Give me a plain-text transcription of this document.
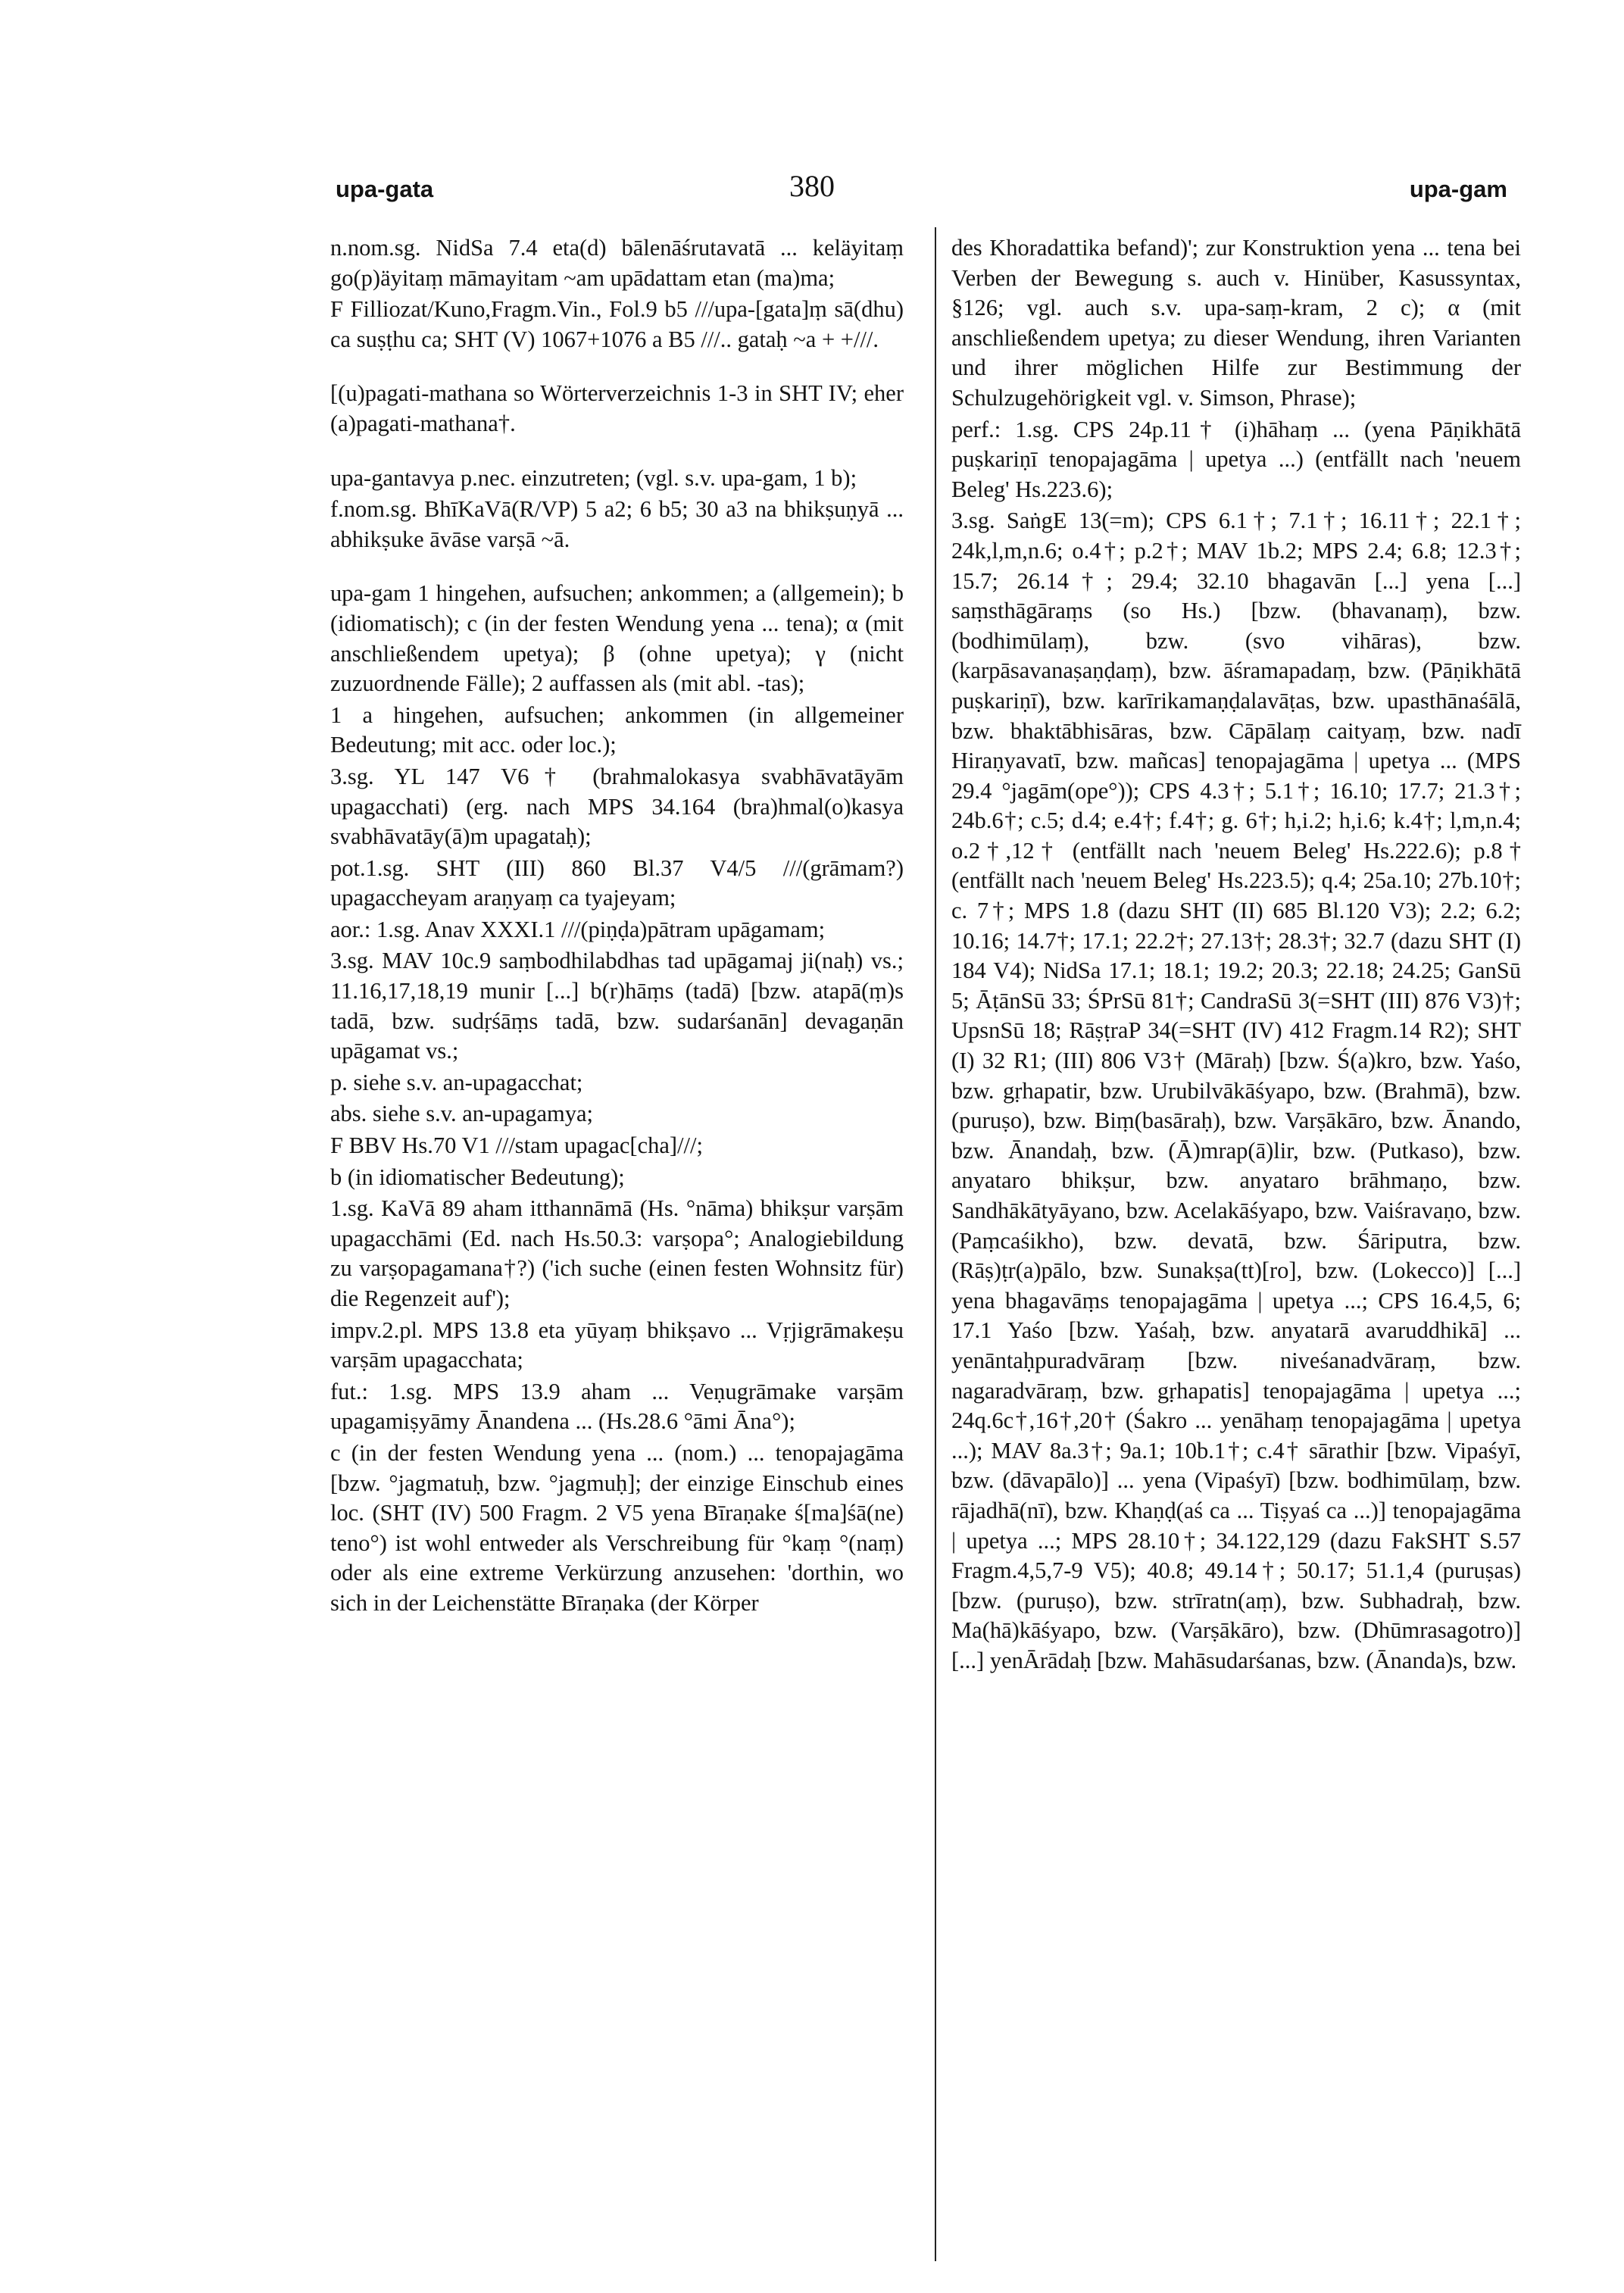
upa-gata	380	upa-gam

n.nom.sg. NidSa 7.4 eta(d) bālenāśrutavatā ... keläyitaṃ go(p)äyitaṃ māmayitam ~am upādattam etan (ma)ma;

F Filliozat/Kuno,Fragm.Vin., Fol.9 b5 ///upa-[gata]ṃ sā(dhu) ca suṣṭhu ca; SHT (V) 1067+1076 a B5 ///.. gataḥ ~a + +///.

[(u)pagati-mathana so Wörterverzeichnis 1-3 in SHT IV; eher (a)pagati-mathana†.

upa-gantavya p.nec. einzutreten; (vgl. s.v. upa-gam, 1 b);

f.nom.sg. BhīKaVā(R/VP) 5 a2; 6 b5; 30 a3 na bhikṣuṇyā ... abhikṣuke āvāse varṣā ~ā.

upa-gam 1 hingehen, aufsuchen; ankommen; a (allgemein); b (idiomatisch); c (in der festen Wendung yena ... tena); α (mit anschließendem upetya); β (ohne upetya); γ (nicht zuzuordnende Fälle); 2 auffassen als (mit abl. -tas);

1 a hingehen, aufsuchen; ankommen (in allgemeiner Bedeutung; mit acc. oder loc.);

3.sg. YL 147 V6† (brahmalokasya svabhāvatāyām upagacchati) (erg. nach MPS 34.164 (bra)hmal(o)kasya svabhāvatāy(ā)m upagataḥ);

pot.1.sg. SHT (III) 860 Bl.37 V4/5 ///(grāmam?) upagaccheyam araṇyaṃ ca tyajeyam;

aor.: 1.sg. Anav XXXI.1 ///(piṇḍa)pātram upāgamam;

3.sg. MAV 10c.9 saṃbodhilabdhas tad upāgamaj ji(naḥ) vs.; 11.16,17,18,19 munir [...] b(r)hāṃs (tadā) [bzw. atapā(ṃ)s tadā, bzw. sudṛśāṃs tadā, bzw. sudarśanān] devagaṇān upāgamat vs.;

p. siehe s.v. an-upagacchat;

abs. siehe s.v. an-upagamya;

F BBV Hs.70 V1 ///stam upagac[cha]///;

b (in idiomatischer Bedeutung);

1.sg. KaVā 89 aham itthannāmā (Hs. °nāma) bhikṣur varṣām upagacchāmi (Ed. nach Hs.50.3: varṣopa°; Analogiebildung zu varṣopagamana†?) ('ich suche (einen festen Wohnsitz für) die Regenzeit auf');

impv.2.pl. MPS 13.8 eta yūyaṃ bhikṣavo ... Vṛjigrāmakeṣu varṣām upagacchata;

fut.: 1.sg. MPS 13.9 aham ... Veṇugrāmake varṣām upagamiṣyāmy Ānandena ... (Hs.28.6 °āmi Āna°);

c (in der festen Wendung yena ... (nom.) ... tenopajagāma [bzw. °jagmatuḥ, bzw. °jagmuḥ]; der einzige Einschub eines loc. (SHT (IV) 500 Fragm. 2 V5 yena Bīraṇake ś[ma]śā(ne) teno°) ist wohl entweder als Verschreibung für °kaṃ °(naṃ) oder als eine extreme Verkürzung anzusehen: 'dorthin, wo sich in der Leichenstätte Bīraṇaka (der Körper

des Khoradattika befand)'; zur Konstruktion yena ... tena bei Verben der Bewegung s. auch v. Hinüber, Kasussyntax, §126; vgl. auch s.v. upa-saṃ-kram, 2 c); α (mit anschließendem upetya; zu dieser Wendung, ihren Varianten und ihrer möglichen Hilfe zur Bestimmung der Schulzugehörigkeit vgl. v. Simson, Phrase);

perf.: 1.sg. CPS 24p.11† (i)hāhaṃ ... (yena Pāṇikhātā puṣkariṇī tenopajagāma | upetya ...) (entfällt nach 'neuem Beleg' Hs.223.6);

3.sg. SaṅgE 13(=m); CPS 6.1†; 7.1†; 16.11†; 22.1†; 24k,l,m,n.6; o.4†; p.2†; MAV 1b.2; MPS 2.4; 6.8; 12.3†; 15.7; 26.14†; 29.4; 32.10 bhagavān [...] yena [...] saṃsthāgāraṃs (so Hs.) [bzw. (bhavanaṃ), bzw. (bodhimūlaṃ), bzw. (svo vihāras), bzw. (karpāsavanaṣaṇḍaṃ), bzw. āśramapadaṃ, bzw. (Pāṇikhātā puṣkariṇī), bzw. karīrikamaṇḍalavāṭas, bzw. upasthānaśālā, bzw. bhaktābhisāras, bzw. Cāpālaṃ caityaṃ, bzw. nadī Hiraṇyavatī, bzw. mañcas] tenopajagāma | upetya ... (MPS 29.4 °jagām(ope°)); CPS 4.3†; 5.1†; 16.10; 17.7; 21.3†; 24b.6†; c.5; d.4; e.4†; f.4†; g. 6†; h,i.2; h,i.6; k.4†; l,m,n.4; o.2†,12† (entfällt nach 'neuem Beleg' Hs.222.6); p.8† (entfällt nach 'neuem Beleg' Hs.223.5); q.4; 25a.10; 27b.10†; c. 7†; MPS 1.8 (dazu SHT (II) 685 Bl.120 V3); 2.2; 6.2; 10.16; 14.7†; 17.1; 22.2†; 27.13†; 28.3†; 32.7 (dazu SHT (I) 184 V4); NidSa 17.1; 18.1; 19.2; 20.3; 22.18; 24.25; GanSū 5; ĀṭānSū 33; ŚPrSū 81†; CandraSū 3(=SHT (III) 876 V3)†; UpsnSū 18; RāṣṭraP 34(=SHT (IV) 412 Fragm.14 R2); SHT (I) 32 R1; (III) 806 V3† (Māraḥ) [bzw. Ś(a)kro, bzw. Yaśo, bzw. gṛhapatir, bzw. Urubilvākāśyapo, bzw. (Brahmā), bzw. (puruṣo), bzw. Biṃ(basāraḥ), bzw. Varṣākāro, bzw. Ānando, bzw. Ānandaḥ, bzw. (Ā)mrap(ā)lir, bzw. (Putkaso), bzw. anyataro bhikṣur, bzw. anyataro brāhmaṇo, bzw. Sandhākātyāyano, bzw. Acelakāśyapo, bzw. Vaiśravaṇo, bzw. (Paṃcaśikho), bzw. devatā, bzw. Śāriputra, bzw. (Rāṣ)ṭr(a)pālo, bzw. Sunakṣa(tt)[ro], bzw. (Lokecco)] [...] yena bhagavāṃs tenopajagāma | upetya ...; CPS 16.4,5, 6; 17.1 Yaśo [bzw. Yaśaḥ, bzw. anyatarā avaruddhikā] ... yenāntaḥpuradvāraṃ [bzw. niveśanadvāraṃ, bzw. nagaradvāraṃ, bzw. gṛhapatis] tenopajagāma | upetya ...; 24q.6c†,16†,20† (Śakro ... yenāhaṃ tenopajagāma | upetya ...); MAV 8a.3†; 9a.1; 10b.1†; c.4† sārathir [bzw. Vipaśyī, bzw. (dāvapālo)] ... yena (Vipaśyī) [bzw. bodhimūlaṃ, bzw. rājadhā(nī), bzw. Khaṇḍ(aś ca ... Tiṣyaś ca ...)] tenopajagāma | upetya ...; MPS 28.10†; 34.122,129 (dazu FakSHT S.57 Fragm.4,5,7-9 V5); 40.8; 49.14†; 50.17; 51.1,4 (puruṣas) [bzw. (puruṣo), bzw. strīratn(aṃ), bzw. Subhadraḥ, bzw. Ma(hā)kāśyapo, bzw. (Varṣākāro), bzw. (Dhūmrasagotro)] [...] yenĀrādaḥ [bzw. Mahāsudarśanas, bzw. (Ānanda)s, bzw.
